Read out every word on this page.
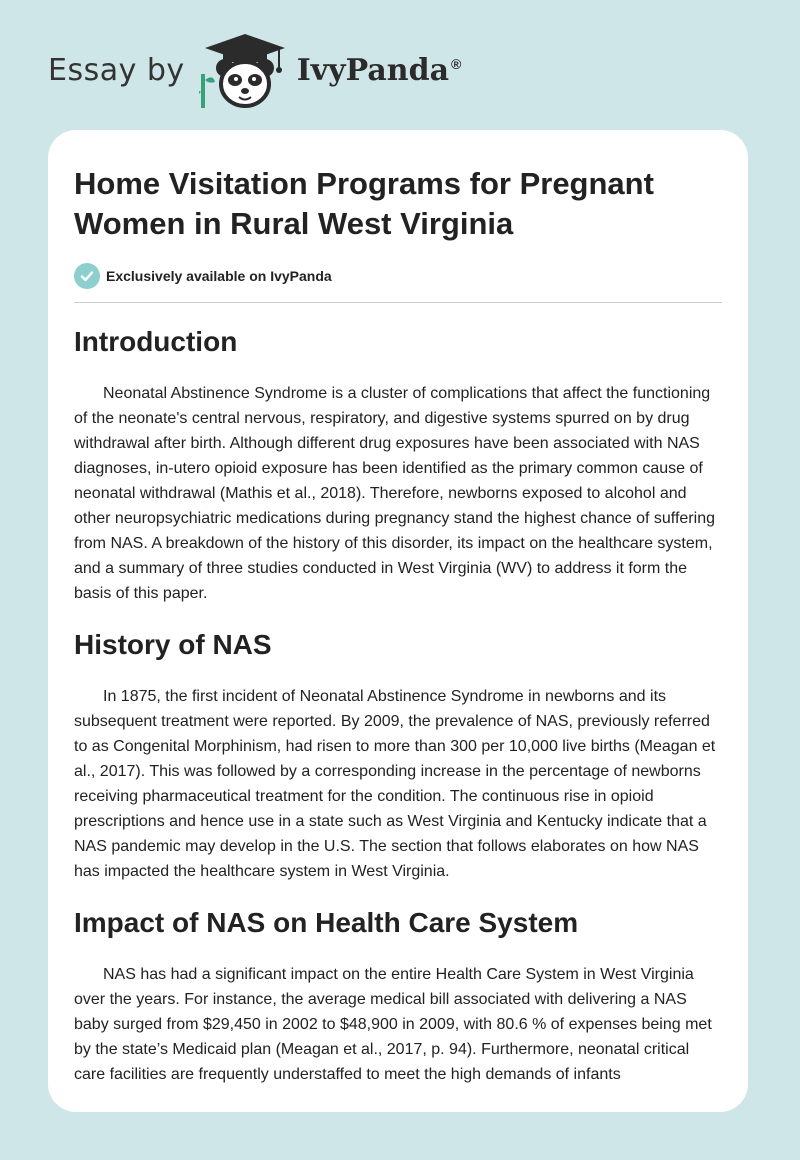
Essay by	IvyPanda ®
Home Visitation Programs for Pregnant Women in Rural West Virginia
Exclusively available on IvyPanda
Introduction

Neonatal Abstinence Syndrome is a cluster of complications that affect the functioning of the neonate's central nervous, respiratory, and digestive systems spurred on by drug withdrawal after birth. Although different drug exposures have been associated with NAS diagnoses, in-utero opioid exposure has been identified as the primary common cause of neonatal withdrawal (Mathis et al., 2018). Therefore, newborns exposed to alcohol and other neuropsychiatric medications during pregnancy stand the highest chance of suffering from NAS. A breakdown of the history of this disorder, its impact on the healthcare system, and a summary of three studies conducted in West Virginia (WV) to address it form the basis of this paper.

History of NAS

In 1875, the first incident of Neonatal Abstinence Syndrome in newborns and its subsequent treatment were reported. By 2009, the prevalence of NAS, previously referred to as Congenital Morphinism, had risen to more than 300 per 10,000 live births (Meagan et al., 2017). This was followed by a corresponding increase in the percentage of newborns receiving pharmaceutical treatment for the condition. The continuous rise in opioid prescriptions and hence use in a state such as West Virginia and Kentucky indicate that a NAS pandemic may develop in the U.S. The section that follows elaborates on how NAS has impacted the healthcare system in West Virginia.

Impact of NAS on Health Care System

NAS has had a significant impact on the entire Health Care System in West Virginia over the years. For instance, the average medical bill associated with delivering a NAS baby surged from $29,450 in 2002 to $48,900 in 2009, with 80.6 % of expenses being met by the state’s Medicaid plan (Meagan et al., 2017, p. 94). Furthermore, neonatal critical care facilities are frequently understaffed to meet the high demands of infants
